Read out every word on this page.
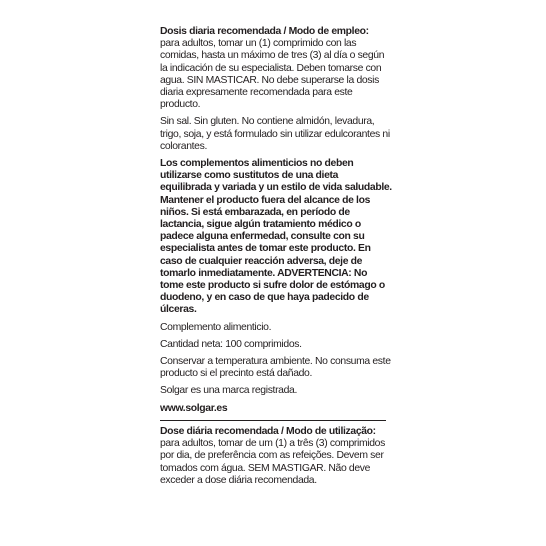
Dosis diaria recomendada / Modo de empleo:
para adultos, tomar un (1) comprimido con las comidas, hasta un máximo de tres (3) al día o según la indicación de su especialista. Deben tomarse con agua. SIN MASTICAR. No debe superarse la dosis diaria expresamente recomendada para este producto.

Sin sal. Sin gluten. No contiene almidón, levadura, trigo, soja, y está formulado sin utilizar edulcorantes ni colorantes.

Los complementos alimenticios no deben utilizarse como sustitutos de una dieta equilibrada y variada y un estilo de vida saludable. Mantener el producto fuera del alcance de los niños. Si está embarazada, en período de lactancia, sigue algún tratamiento médico o padece alguna enfermedad, consulte con su especialista antes de tomar este producto. En caso de cualquier reacción adversa, deje de tomarlo inmediatamente. ADVERTENCIA: No tome este producto si sufre dolor de estómago o duodeno, y en caso de que haya padecido de úlceras.

Complemento alimenticio.

Cantidad neta: 100 comprimidos.

Conservar a temperatura ambiente. No consuma este producto si el precinto está dañado.

Solgar es una marca registrada.

www.solgar.es

Dose diária recomendada / Modo de utilização:
para adultos, tomar de um (1) a três (3) comprimidos por dia, de preferência com as refeições. Devem ser tomados com água. SEM MASTIGAR. Não deve exceder a dose diária recomendada.
